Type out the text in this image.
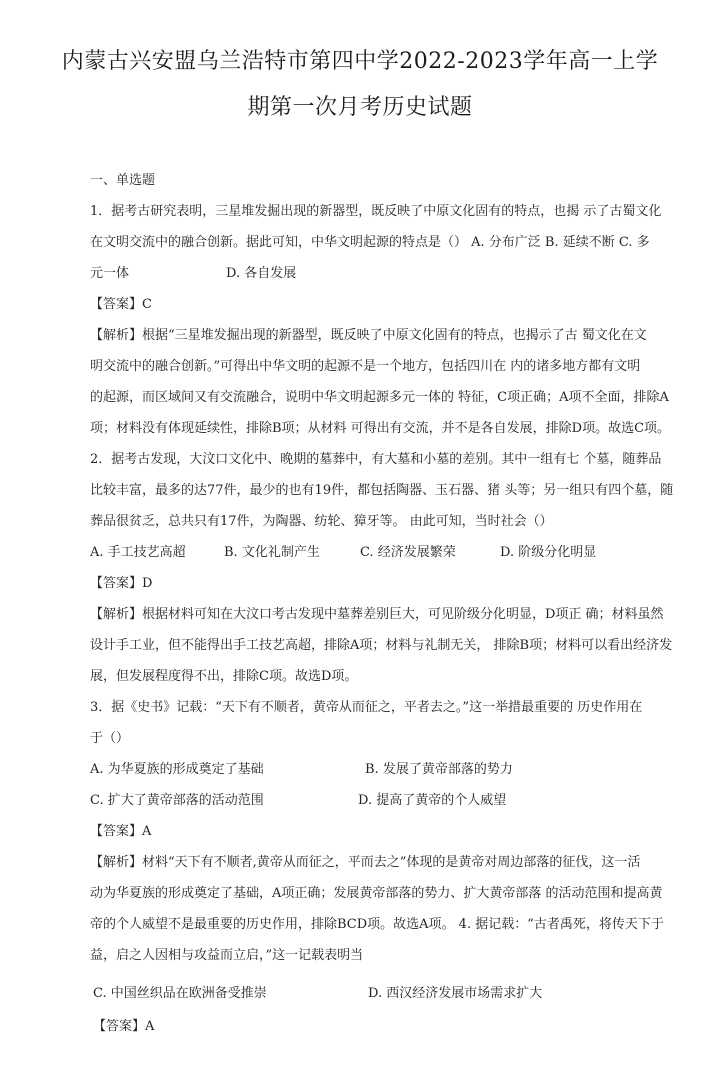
内蒙古兴安盟乌兰浩特市第四中学2022-2023学年高一上学
期第一次月考历史试题
一、单选题
1．据考古研究表明，三星堆发掘出现的新器型，既反映了中原文化固有的特点，也揭 示了古蜀文化
在文明交流中的融合创新。据此可知，中华文明起源的特点是（） A. 分布广泛 B. 延续不断 C. 多
元一体	D. 各自发展
【答案】C
【解析】根据“三星堆发掘出现的新器型，既反映了中原文化固有的特点，也揭示了古 蜀文化在文
明交流中的融合创新。”可得出中华文明的起源不是一个地方，包括四川在 内的诸多地方都有文明
的起源，而区域间又有交流融合，说明中华文明起源多元一体的 特征，C项正确；A项不全面，排除A
项；材料没有体现延续性，排除B项；从材料 可得出有交流，并不是各自发展，排除D项。故选C项。
2．据考古发现，大汶口文化中、晚期的墓葬中，有大墓和小墓的差别。其中一组有七 个墓，随葬品
比较丰富，最多的达77件，最少的也有19件，都包括陶器、玉石器、猪 头等；另一组只有四个墓，随
葬品很贫乏，总共只有17件，为陶器、纺轮、獐牙等。 由此可知，当时社会（）
A. 手工技艺高超	B. 文化礼制产生	C. 经济发展繁荣	D. 阶级分化明显
【答案】D
【解析】根据材料可知在大汶口考古发现中墓葬差别巨大，可见阶级分化明显，D项正 确；材料虽然
设计手工业，但不能得出手工技艺高超，排除A项；材料与礼制无关， 排除B项；材料可以看出经济发
展，但发展程度得不出，排除C项。故选D项。
3．据《史书》记载：“天下有不顺者，黄帝从而征之，平者去之。”这一举措最重要的 历史作用在
于（）
A. 为华夏族的形成奠定了基础	B. 发展了黄帝部落的势力
C. 扩大了黄帝部落的活动范围	D. 提高了黄帝的个人威望
【答案】A
【解析】材料“天下有不顺者,黄帝从而征之，平而去之”体现的是黄帝对周边部落的征伐，这一活
动为华夏族的形成奠定了基础，A项正确；发展黄帝部落的势力、扩大黄帝部落 的活动范围和提高黄
帝的个人威望不是最重要的历史作用，排除BCD项。故选A项。 4. 据记载：“古者禹死，将传天下于
益，启之人因相与攻益而立启，”这一记载表明当
C. 中国丝织品在欧洲备受推崇	D. 西汉经济发展市场需求扩大
【答案】A
